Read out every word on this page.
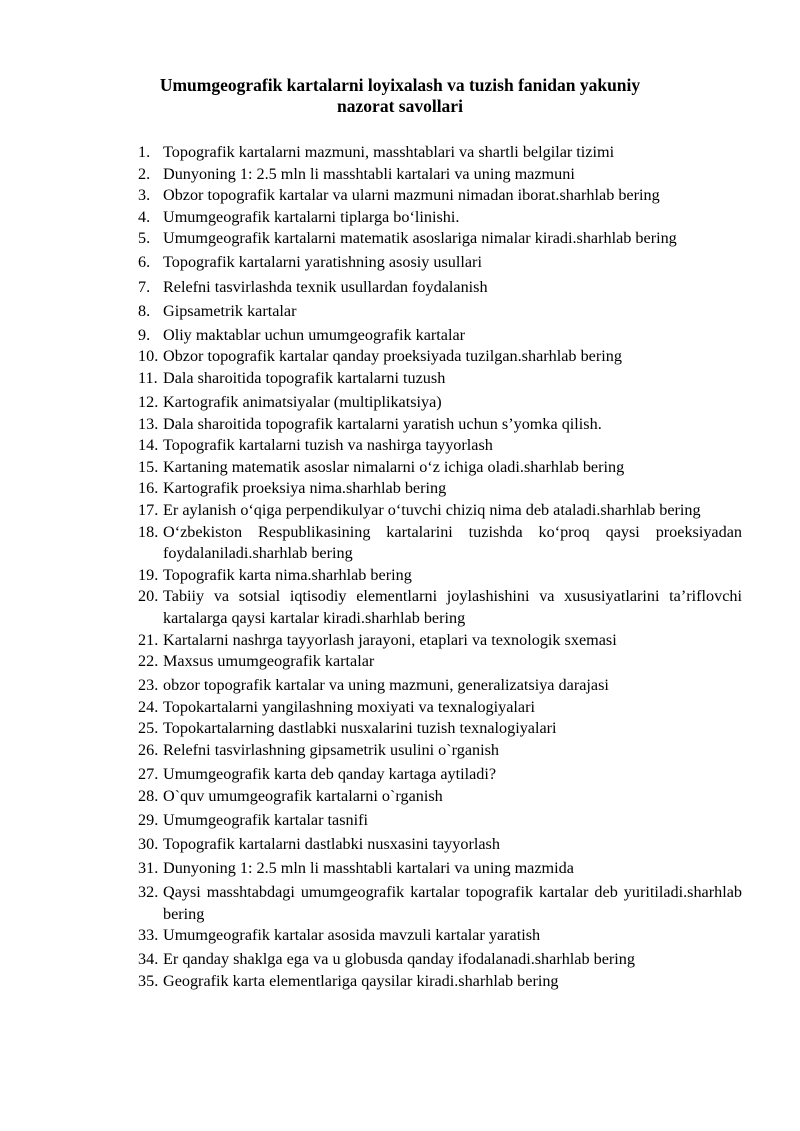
Umumgeografik kartalarni loyixalash va tuzish fanidan yakuniy nazorat savollari
1. Topografik kartalarni mazmuni, masshtablari va shartli belgilar tizimi
2. Dunyoning 1: 2.5 mln li masshtabli kartalari va uning mazmuni
3. Obzor topografik kartalar va ularni mazmuni nimadan iborat.sharhlab bering
4. Umumgeografik kartalarni tiplarga bo‘linishi.
5. Umumgeografik kartalarni matematik asoslariga nimalar kiradi.sharhlab bering
6. Topografik kartalarni yaratishning asosiy usullari
7. Relefni tasvirlashda texnik usullardan foydalanish
8. Gipsametrik kartalar
9. Oliy maktablar uchun umumgeografik kartalar
10. Obzor topografik kartalar qanday proeksiyada tuzilgan.sharhlab bering
11. Dala sharoitida topografik kartalarni tuzush
12. Kartografik animatsiyalar (multiplikatsiya)
13. Dala sharoitida topografik kartalarni yaratish uchun s’yomka qilish.
14. Topografik kartalarni tuzish va nashirga tayyorlash
15. Kartaning matematik asoslar nimalarni o‘z ichiga oladi.sharhlab bering
16. Kartografik proeksiya nima.sharhlab bering
17. Er aylanish o‘qiga perpendikulyar o‘tuvchi chiziq nima deb ataladi.sharhlab bering
18. O‘zbekiston Respublikasining kartalarini tuzishda ko‘proq qaysi proeksiyadan foydalaniladi.sharhlab bering
19. Topografik karta nima.sharhlab bering
20. Tabiiy va sotsial iqtisodiy elementlarni joylashishini va xususiyatlarini ta’riflovchi kartalarga qaysi kartalar kiradi.sharhlab bering
21. Kartalarni nashrga tayyorlash jarayoni, etaplari va texnologik sxemasi
22. Maxsus umumgeografik kartalar
23. obzor topografik kartalar va uning mazmuni, generalizatsiya darajasi
24. Topokartalarni yangilashning moxiyati va texnalogiyalari
25. Topokartalarning dastlabki nusxalarini tuzish texnalogiyalari
26. Relefni tasvirlashning gipsametrik usulini o`rganish
27. Umumgeografik karta deb qanday kartaga aytiladi?
28. O`quv umumgeografik kartalarni o`rganish
29. Umumgeografik kartalar tasnifi
30. Topografik kartalarni dastlabki nusxasini tayyorlash
31. Dunyoning 1: 2.5 mln li masshtabli kartalari va uning mazmida
32. Qaysi masshtabdagi umumgeografik kartalar topografik kartalar deb yuritiladi.sharhlab bering
33. Umumgeografik kartalar asosida mavzuli kartalar yaratish
34. Er qanday shaklga ega va u globusda qanday ifodalanadi.sharhlab bering
35. Geografik karta elementlariga qaysilar kiradi.sharhlab bering
